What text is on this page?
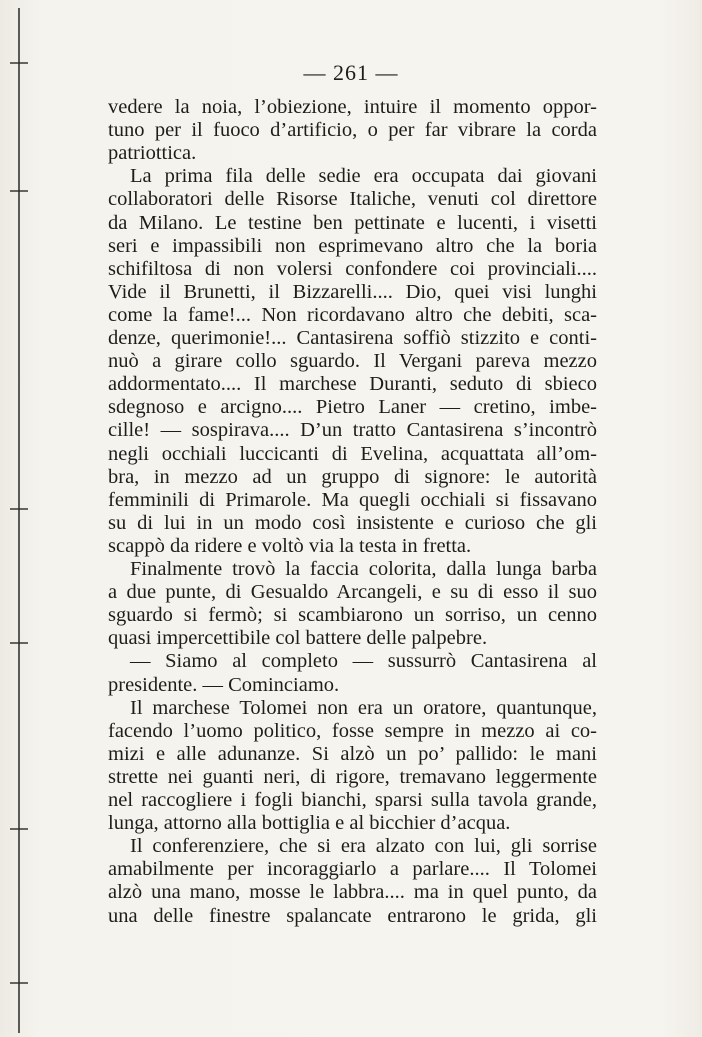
— 261 —
vedere la noia, l’obiezione, intuire il momento oppor-
tuno per il fuoco d’artificio, o per far vibrare la corda
patriottica.
La prima fila delle sedie era occupata dai giovani
collaboratori delle Risorse Italiche, venuti col direttore
da Milano. Le testine ben pettinate e lucenti, i visetti
seri e impassibili non esprimevano altro che la boria
schifiltosa di non volersi confondere coi provinciali....
Vide il Brunetti, il Bizzarelli.... Dio, quei visi lunghi
come la fame!... Non ricordavano altro che debiti, sca-
denze, querimonie!... Cantasirena soffiò stizzito e conti-
nuò a girare collo sguardo. Il Vergani pareva mezzo
addormentato.... Il marchese Duranti, seduto di sbieco
sdegnoso e arcigno.... Pietro Laner — cretino, imbe-
cille! — sospirava.... D’un tratto Cantasirena s’incontrò
negli occhiali luccicanti di Evelina, acquattata all’om-
bra, in mezzo ad un gruppo di signore: le autorità
femminili di Primarole. Ma quegli occhiali si fissavano
su di lui in un modo così insistente e curioso che gli
scappò da ridere e voltò via la testa in fretta.
Finalmente trovò la faccia colorita, dalla lunga barba
a due punte, di Gesualdo Arcangeli, e su di esso il suo
sguardo si fermò; si scambiarono un sorriso, un cenno
quasi impercettibile col battere delle palpebre.
— Siamo al completo — sussurrò Cantasirena al
presidente. — Cominciamo.
Il marchese Tolomei non era un oratore, quantunque,
facendo l’uomo politico, fosse sempre in mezzo ai co-
mizi e alle adunanze. Si alzò un po’ pallido: le mani
strette nei guanti neri, di rigore, tremavano leggermente
nel raccogliere i fogli bianchi, sparsi sulla tavola grande,
lunga, attorno alla bottiglia e al bicchier d’acqua.
Il conferenziere, che si era alzato con lui, gli sorrise
amabilmente per incoraggiarlo a parlare.... Il Tolomei
alzò una mano, mosse le labbra.... ma in quel punto, da
una delle finestre spalancate entrarono le grida, gli
